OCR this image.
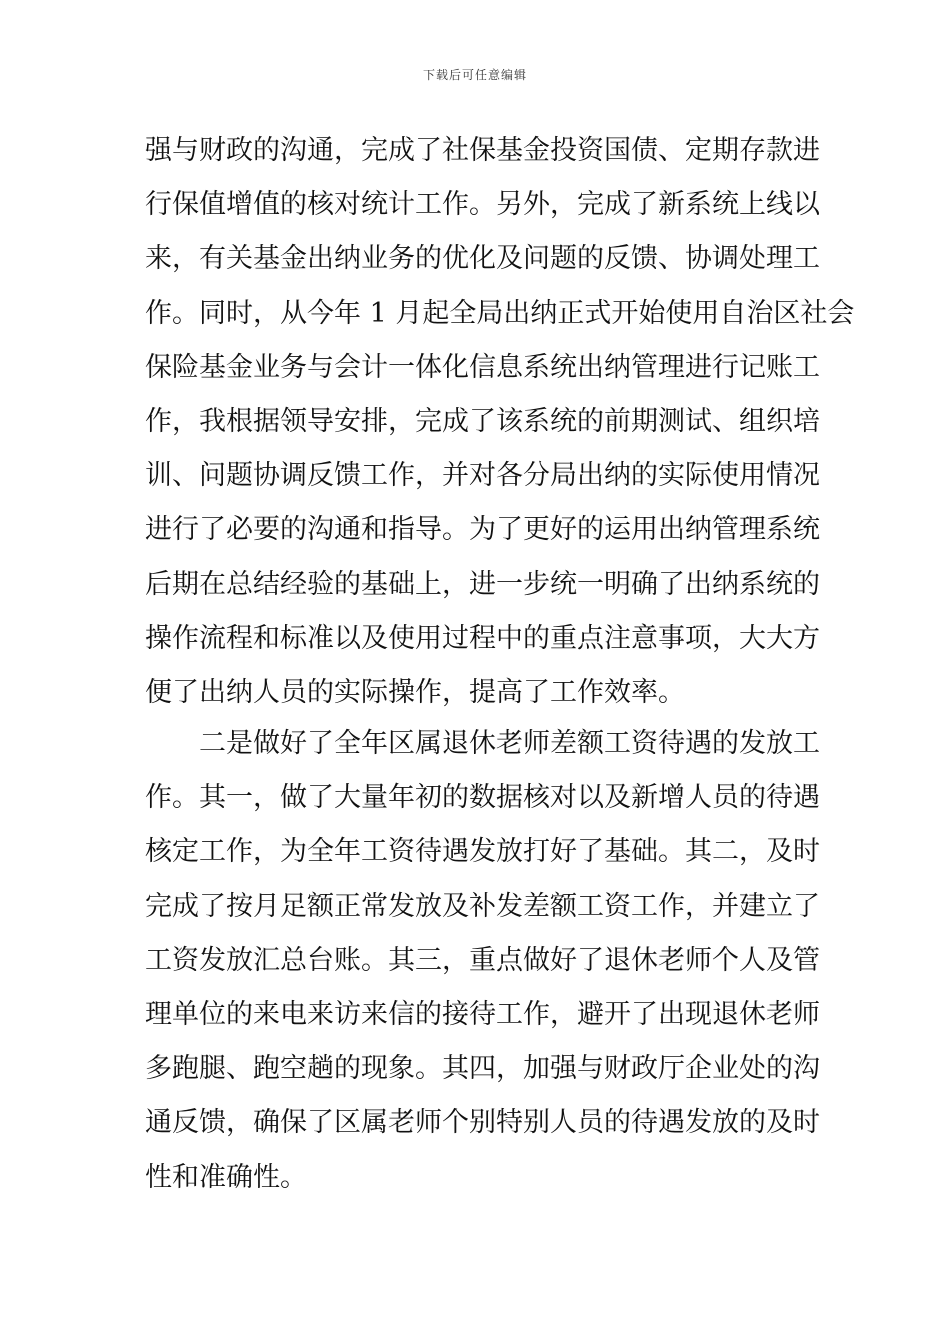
下载后可任意编辑
强与财政的沟通，完成了社保基金投资国债、定期存款进
行保值增值的核对统计工作。另外，完成了新系统上线以
来，有关基金出纳业务的优化及问题的反馈、协调处理工
作。同时，从今年 1 月起全局出纳正式开始使用自治区社会
保险基金业务与会计一体化信息系统出纳管理进行记账工
作，我根据领导安排，完成了该系统的前期测试、组织培
训、问题协调反馈工作，并对各分局出纳的实际使用情况
进行了必要的沟通和指导。为了更好的运用出纳管理系统
后期在总结经验的基础上，进一步统一明确了出纳系统的
操作流程和标准以及使用过程中的重点注意事项，大大方
便了出纳人员的实际操作，提高了工作效率。
　　二是做好了全年区属退休老师差额工资待遇的发放工
作。其一，做了大量年初的数据核对以及新增人员的待遇
核定工作，为全年工资待遇发放打好了基础。其二，及时
完成了按月足额正常发放及补发差额工资工作，并建立了
工资发放汇总台账。其三，重点做好了退休老师个人及管
理单位的来电来访来信的接待工作，避开了出现退休老师
多跑腿、跑空趟的现象。其四，加强与财政厅企业处的沟
通反馈，确保了区属老师个别特别人员的待遇发放的及时
性和准确性。
